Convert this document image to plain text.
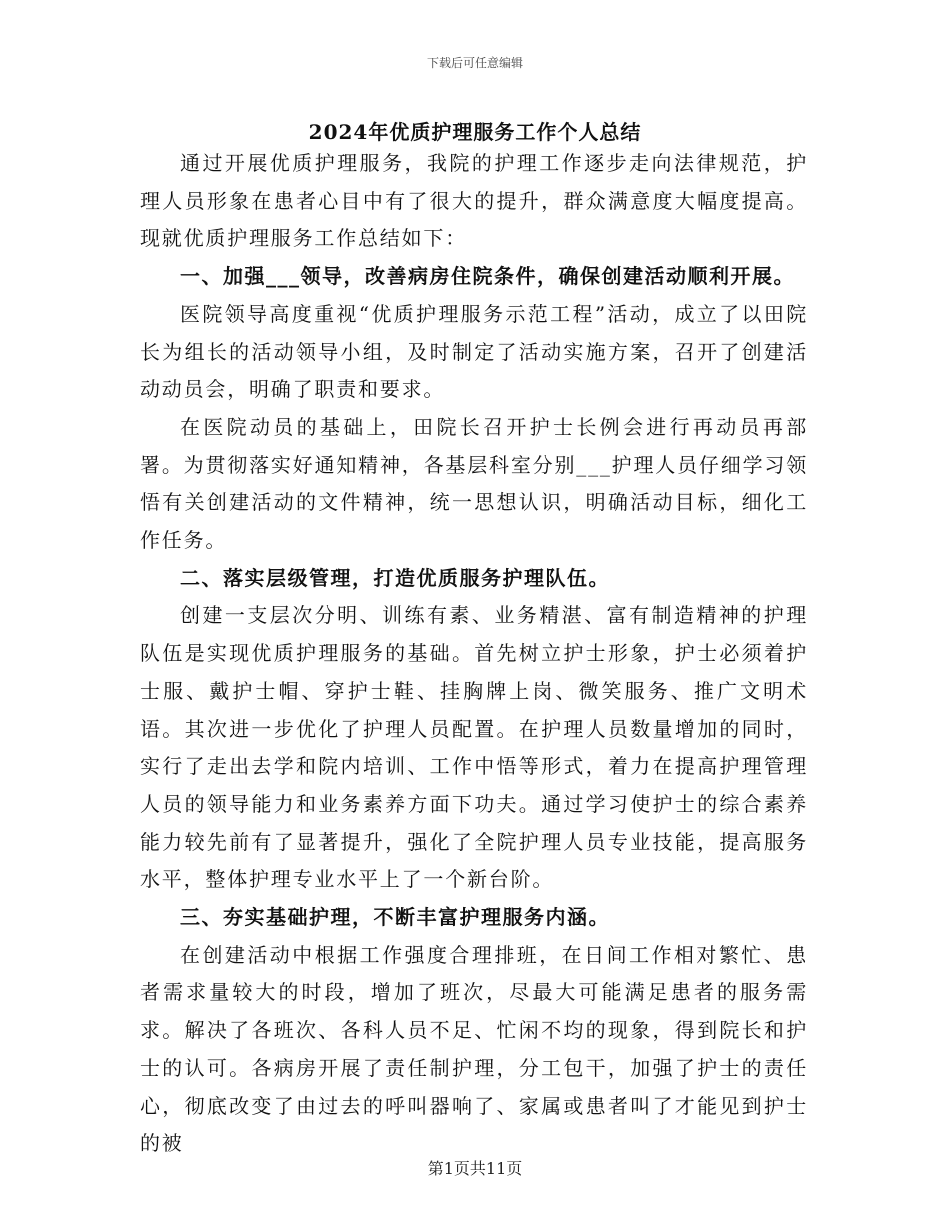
下载后可任意编辑
2024年优质护理服务工作个人总结

通过开展优质护理服务，我院的护理工作逐步走向法律规范，护理人员形象在患者心目中有了很大的提升，群众满意度大幅度提高。现就优质护理服务工作总结如下：

一、加强___领导，改善病房住院条件，确保创建活动顺利开展。

医院领导高度重视“优质护理服务示范工程”活动，成立了以田院长为组长的活动领导小组，及时制定了活动实施方案，召开了创建活动动员会，明确了职责和要求。

在医院动员的基础上，田院长召开护士长例会进行再动员再部署。为贯彻落实好通知精神，各基层科室分别___护理人员仔细学习领悟有关创建活动的文件精神，统一思想认识，明确活动目标，细化工作任务。

二、落实层级管理，打造优质服务护理队伍。

创建一支层次分明、训练有素、业务精湛、富有制造精神的护理队伍是实现优质护理服务的基础。首先树立护士形象，护士必须着护士服、戴护士帽、穿护士鞋、挂胸牌上岗、微笑服务、推广文明术语。其次进一步优化了护理人员配置。在护理人员数量增加的同时，实行了走出去学和院内培训、工作中悟等形式，着力在提高护理管理人员的领导能力和业务素养方面下功夫。通过学习使护士的综合素养能力较先前有了显著提升，强化了全院护理人员专业技能，提高服务水平，整体护理专业水平上了一个新台阶。

三、夯实基础护理，不断丰富护理服务内涵。

在创建活动中根据工作强度合理排班，在日间工作相对繁忙、患者需求量较大的时段，增加了班次，尽最大可能满足患者的服务需求。解决了各班次、各科人员不足、忙闲不均的现象，得到院长和护士的认可。各病房开展了责任制护理，分工包干，加强了护士的责任心，彻底改变了由过去的呼叫器响了、家属或患者叫了才能见到护士的被

第1页共11页
